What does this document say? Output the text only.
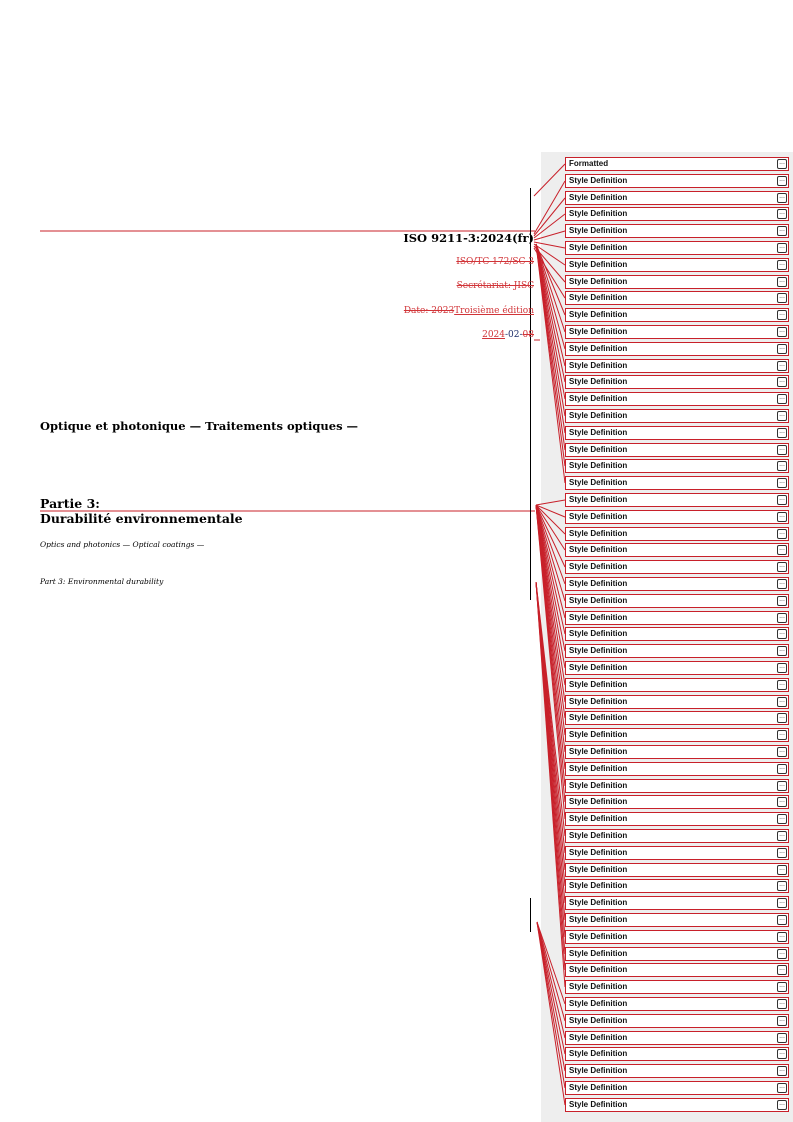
ISO 9211-3:2024(fr)
ISO/TC 172/SC 3
Secrétariat: JISC
Date: 2023Troisième édition
2024-02-08
Optique et photonique — Traitements optiques —
Partie 3:
Durabilité environnementale
Optics and photonics — Optical coatings —
Part 3: Environmental durability
Formatted	...
Style Definition	...
Style Definition	...
Style Definition	...
Style Definition	...
Style Definition	...
Style Definition	...
Style Definition	...
Style Definition	...
Style Definition	...
Style Definition	...
Style Definition	...
Style Definition	...
Style Definition	...
Style Definition	...
Style Definition	...
Style Definition	...
Style Definition	...
Style Definition	...
Style Definition	...
Style Definition	...
Style Definition	...
Style Definition	...
Style Definition	...
Style Definition	...
Style Definition	...
Style Definition	...
Style Definition	...
Style Definition	...
Style Definition	...
Style Definition	...
Style Definition	...
Style Definition	...
Style Definition	...
Style Definition	...
Style Definition	...
Style Definition	...
Style Definition	...
Style Definition	...
Style Definition	...
Style Definition	...
Style Definition	...
Style Definition	...
Style Definition	...
Style Definition	...
Style Definition	...
Style Definition	...
Style Definition	...
Style Definition	...
Style Definition	...
Style Definition	...
Style Definition	...
Style Definition	...
Style Definition	...
Style Definition	...
Style Definition	...
Style Definition	...
